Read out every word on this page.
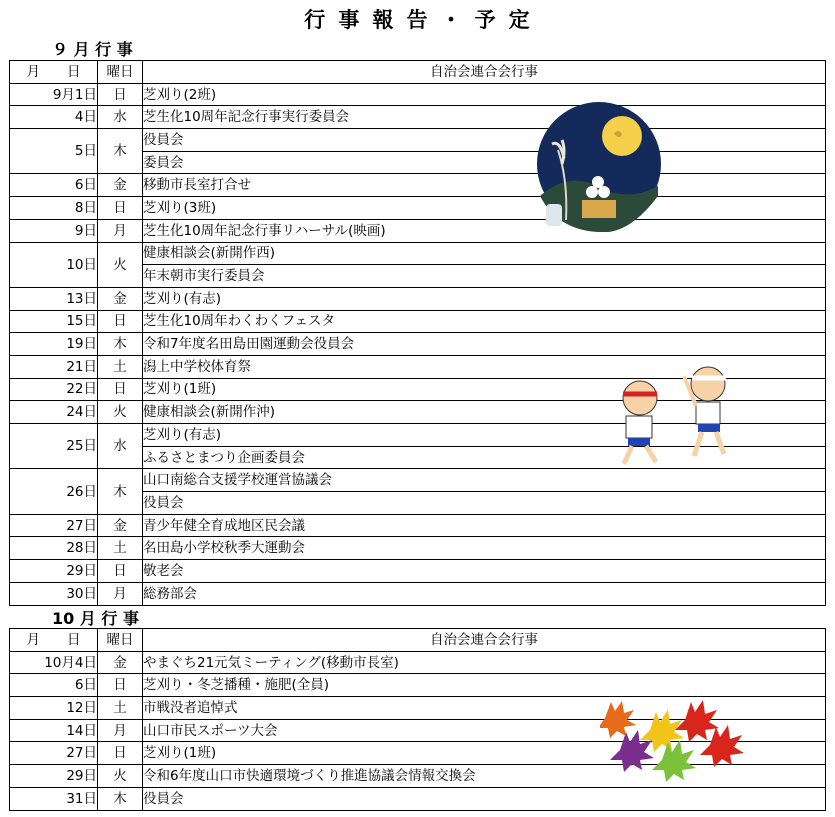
行 事 報 告 ・ 予 定
９ 月 行 事
月　　日	曜日	自治会連合会行事
9月1日	日	芝刈り(2班)
4日	水	芝生化10周年記念行事実行委員会
5日	木	役員会
		委員会
6日	金	移動市長室打合せ
8日	日	芝刈り(3班)
9日	月	芝生化10周年記念行事リハーサル(映画)
10日	火	健康相談会(新開作西)
		年末朝市実行委員会
13日	金	芝刈り(有志)
15日	日	芝生化10周年わくわくフェスタ
19日	木	令和7年度名田島田園運動会役員会
21日	土	潟上中学校体育祭
22日	日	芝刈り(1班)
24日	火	健康相談会(新開作沖)
25日	水	芝刈り(有志)
		ふるさとまつり企画委員会
26日	木	山口南総合支援学校運営協議会
		役員会
27日	金	青少年健全育成地区民会議
28日	土	名田島小学校秋季大運動会
29日	日	敬老会
30日	月	総務部会
10 月 行 事
月　　日	曜日	自治会連合会行事
10月4日	金	やまぐち21元気ミーティング(移動市長室)
6日	日	芝刈り・冬芝播種・施肥(全員)
12日	土	市戦没者追悼式
14日	月	山口市民スポーツ大会
27日	日	芝刈り(1班)
29日	火	令和6年度山口市快適環境づくり推進協議会情報交換会
31日	木	役員会
